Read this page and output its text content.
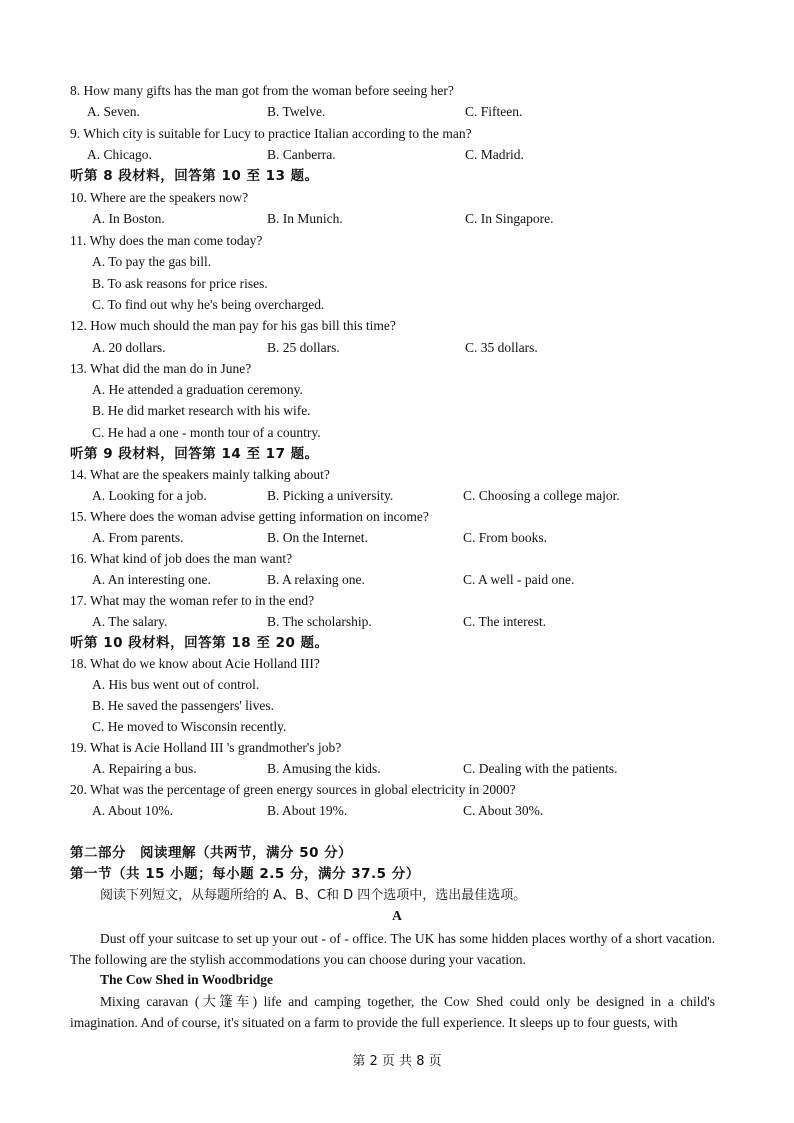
8. How many gifts has the man got from the woman before seeing her?
A. Seven.	B. Twelve.	C. Fifteen.
9. Which city is suitable for Lucy to practice Italian according to the man?
A. Chicago.	B. Canberra.	C. Madrid.
听第 8 段材料，回答第 10 至 13 题。
10. Where are the speakers now?
A. In Boston.	B. In Munich.	C. In Singapore.
11. Why does the man come today?
A. To pay the gas bill.
B. To ask reasons for price rises.
C. To find out why he's being overcharged.
12. How much should the man pay for his gas bill this time?
A. 20 dollars.	B. 25 dollars.	C. 35 dollars.
13. What did the man do in June?
A. He attended a graduation ceremony.
B. He did market research with his wife.
C. He had a one - month tour of a country.
听第 9 段材料，回答第 14 至 17 题。
14. What are the speakers mainly talking about?
A. Looking for a job.	B. Picking a university.	C. Choosing a college major.
15. Where does the woman advise getting information on income?
A. From parents.	B. On the Internet.	C. From books.
16. What kind of job does the man want?
A. An interesting one.	B. A relaxing one.	C. A well - paid one.
17. What may the woman refer to in the end?
A. The salary.	B. The scholarship.	C. The interest.
听第 10 段材料，回答第 18 至 20 题。
18. What do we know about Acie Holland III?
A. His bus went out of control.
B. He saved the passengers' lives.
C. He moved to Wisconsin recently.
19. What is Acie Holland III 's grandmother's job?
A. Repairing a bus.	B. Amusing the kids.	C. Dealing with the patients.
20. What was the percentage of green energy sources in global electricity in 2000?
A. About 10%.	B. About 19%.	C. About 30%.
第二部分　阅读理解（共两节，满分 50 分）
第一节（共 15 小题；每小题 2.5 分，满分 37.5 分）
阅读下列短文，从每题所给的 A、B、C和 D 四个选项中，选出最佳选项。
A
Dust off your suitcase to set up your out - of - office. The UK has some hidden places worthy of a short vacation. The following are the stylish accommodations you can choose during your vacation.
The Cow Shed in Woodbridge
Mixing caravan (大篷车) life and camping together, the Cow Shed could only be designed in a child's imagination. And of course, it's situated on a farm to provide the full experience. It sleeps up to four guests, with
第 2 页 共 8 页
